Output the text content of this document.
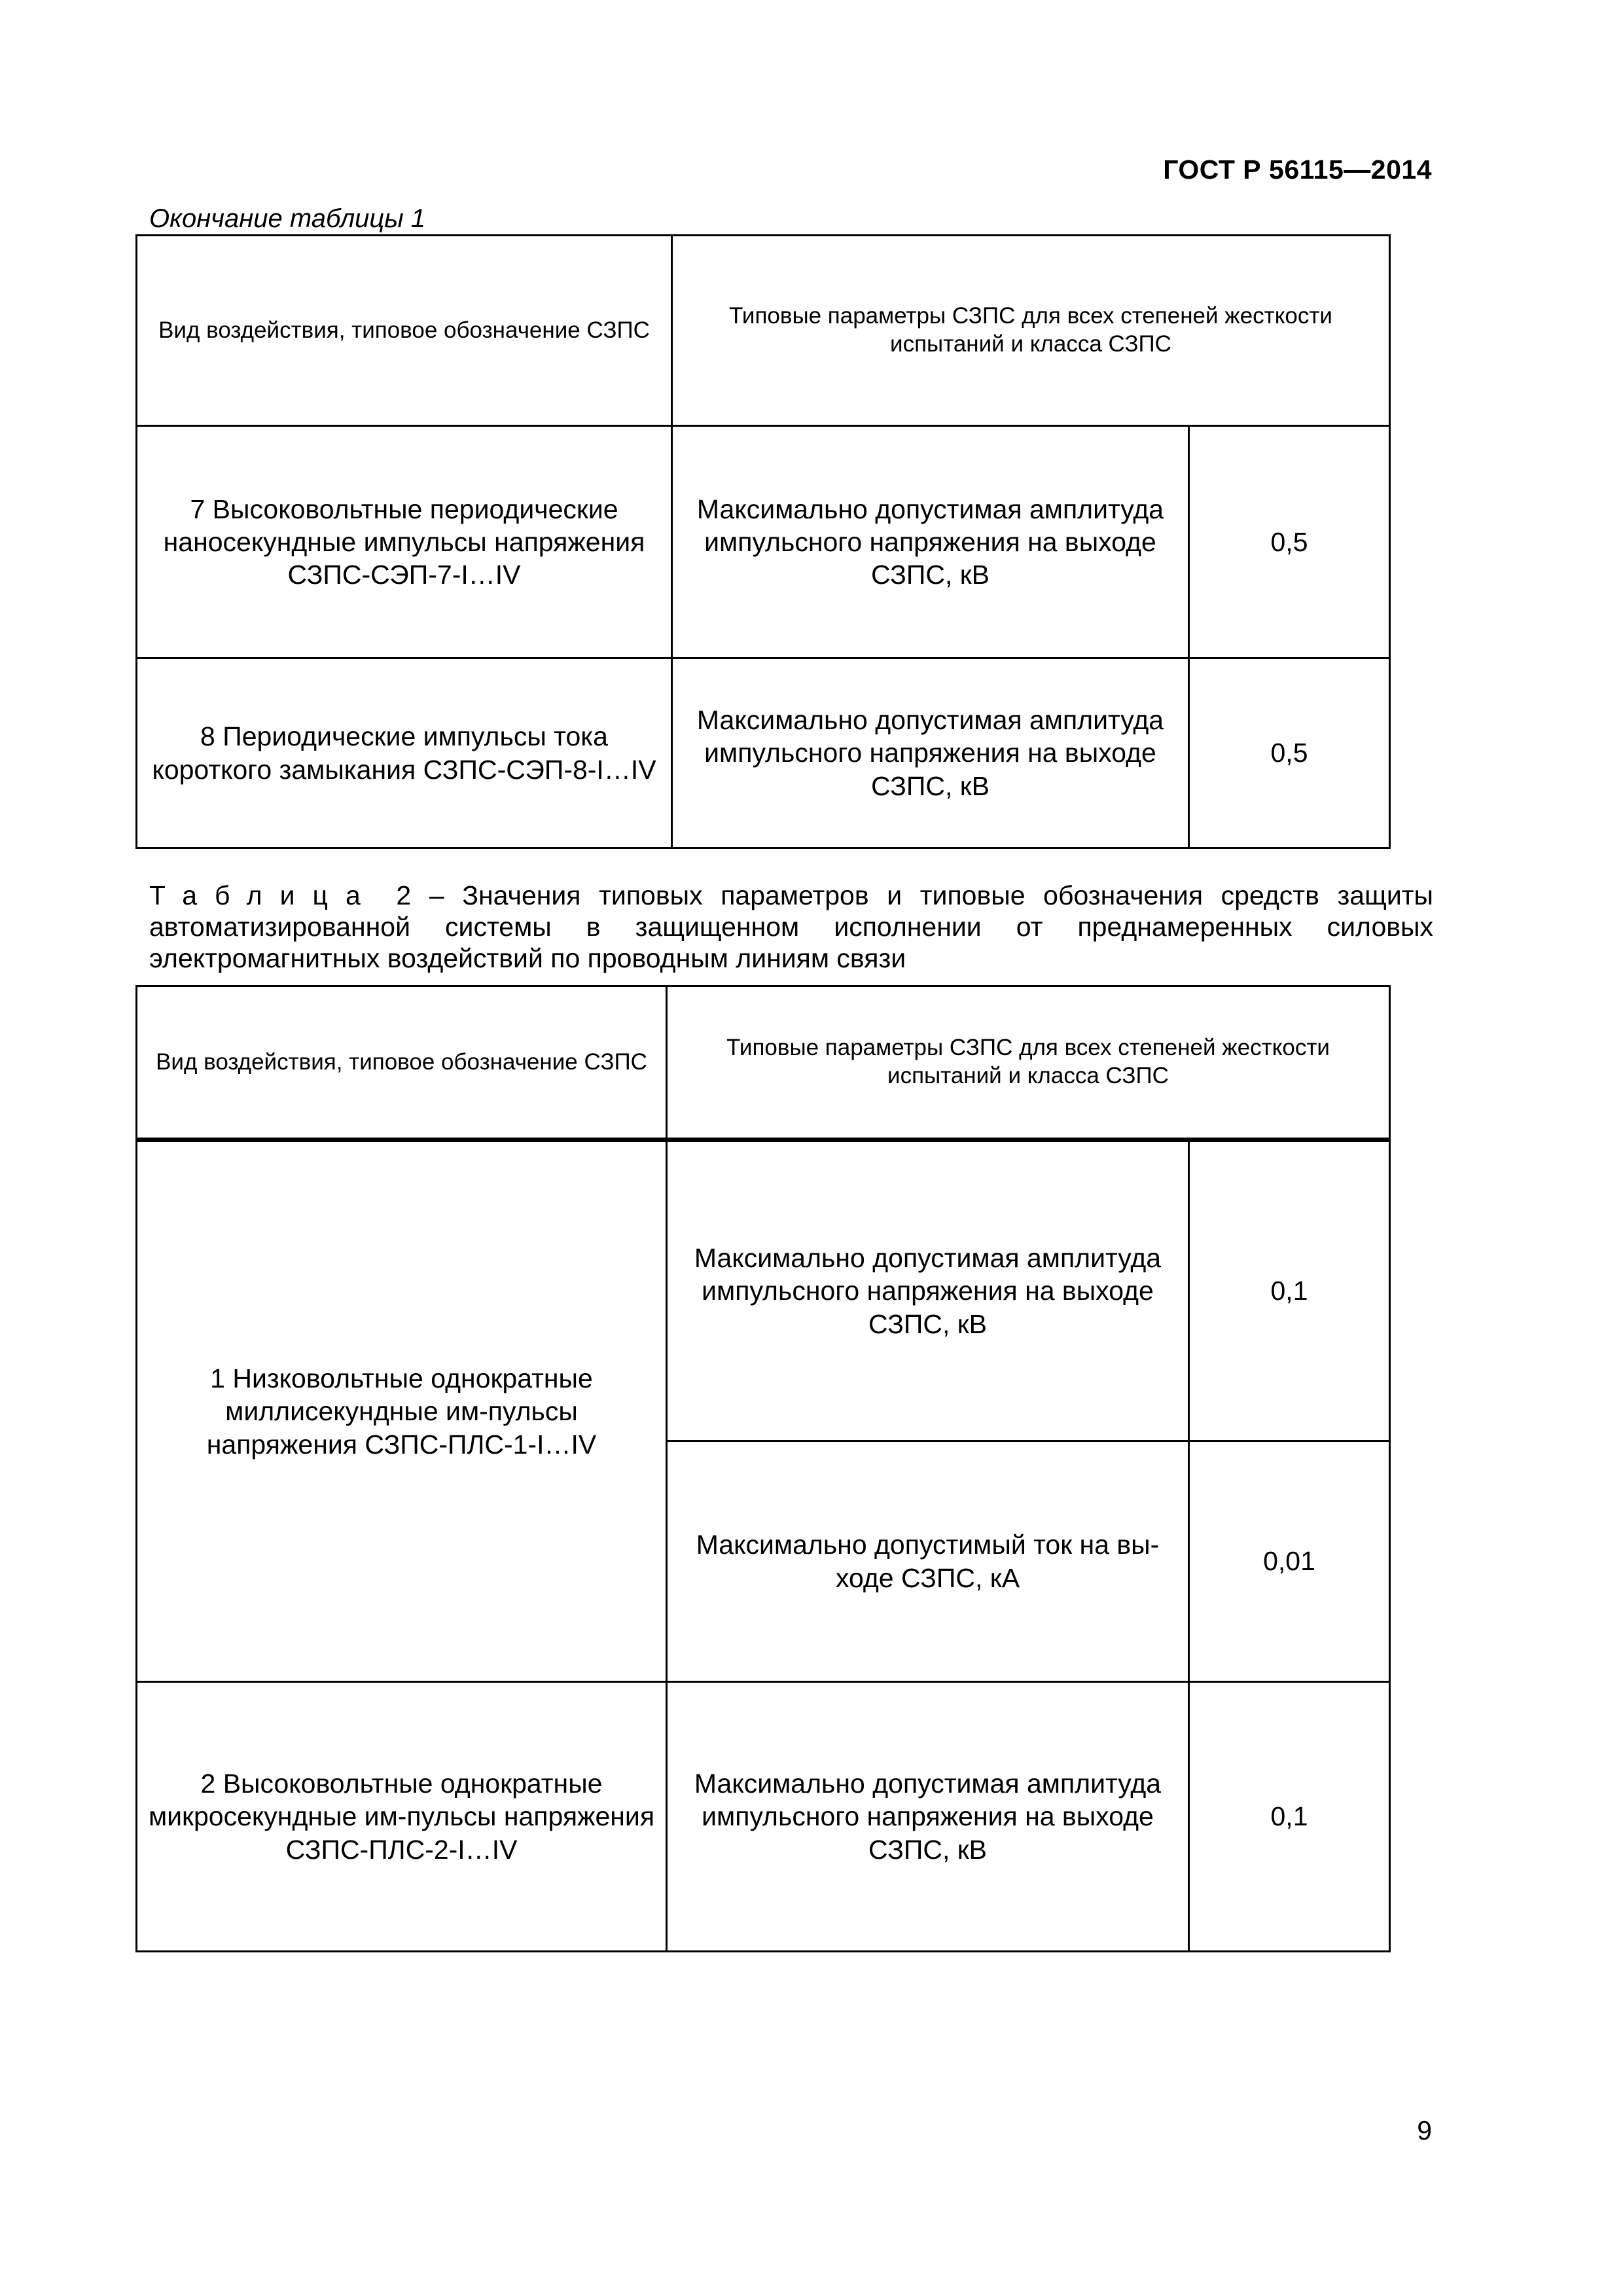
ГОСТ Р 56115—2014
Окончание таблицы 1
Вид воздействия, типовое обозначение СЗПС	Типовые параметры СЗПС для всех степеней жесткости испытаний и класса СЗПС	
7 Высоковольтные периодические наносекундные импульсы напряжения СЗПС-СЭП-7-I…IV	Максимально допустимая амплитуда импульсного напряжения на выходе СЗПС, кВ	0,5
8 Периодические импульсы тока короткого замыкания СЗПС-СЭП-8-I…IV	Максимально допустимая амплитуда импульсного напряжения на выходе СЗПС, кВ	0,5
Таблица 2 – Значения типовых параметров и типовые обозначения средств защиты автоматизированной системы в защищенном исполнении от преднамеренных силовых электромагнитных воздействий по проводным линиям связи
Вид воздействия, типовое обозначение СЗПС	Типовые параметры СЗПС для всех степеней жесткости испытаний и класса СЗПС	
1 Низковольтные однократные миллисекундные им-пульсы напряжения СЗПС-ПЛС-1-I…IV	Максимально допустимая амплитуда импульсного напряжения на выходе СЗПС, кВ	0,1
	Максимально допустимый ток на вы-ходе СЗПС, кА	0,01
2 Высоковольтные однократные микросекундные им-пульсы напряжения СЗПС-ПЛС-2-I…IV	Максимально допустимая амплитуда импульсного напряжения на выходе СЗПС, кВ	0,1
9
